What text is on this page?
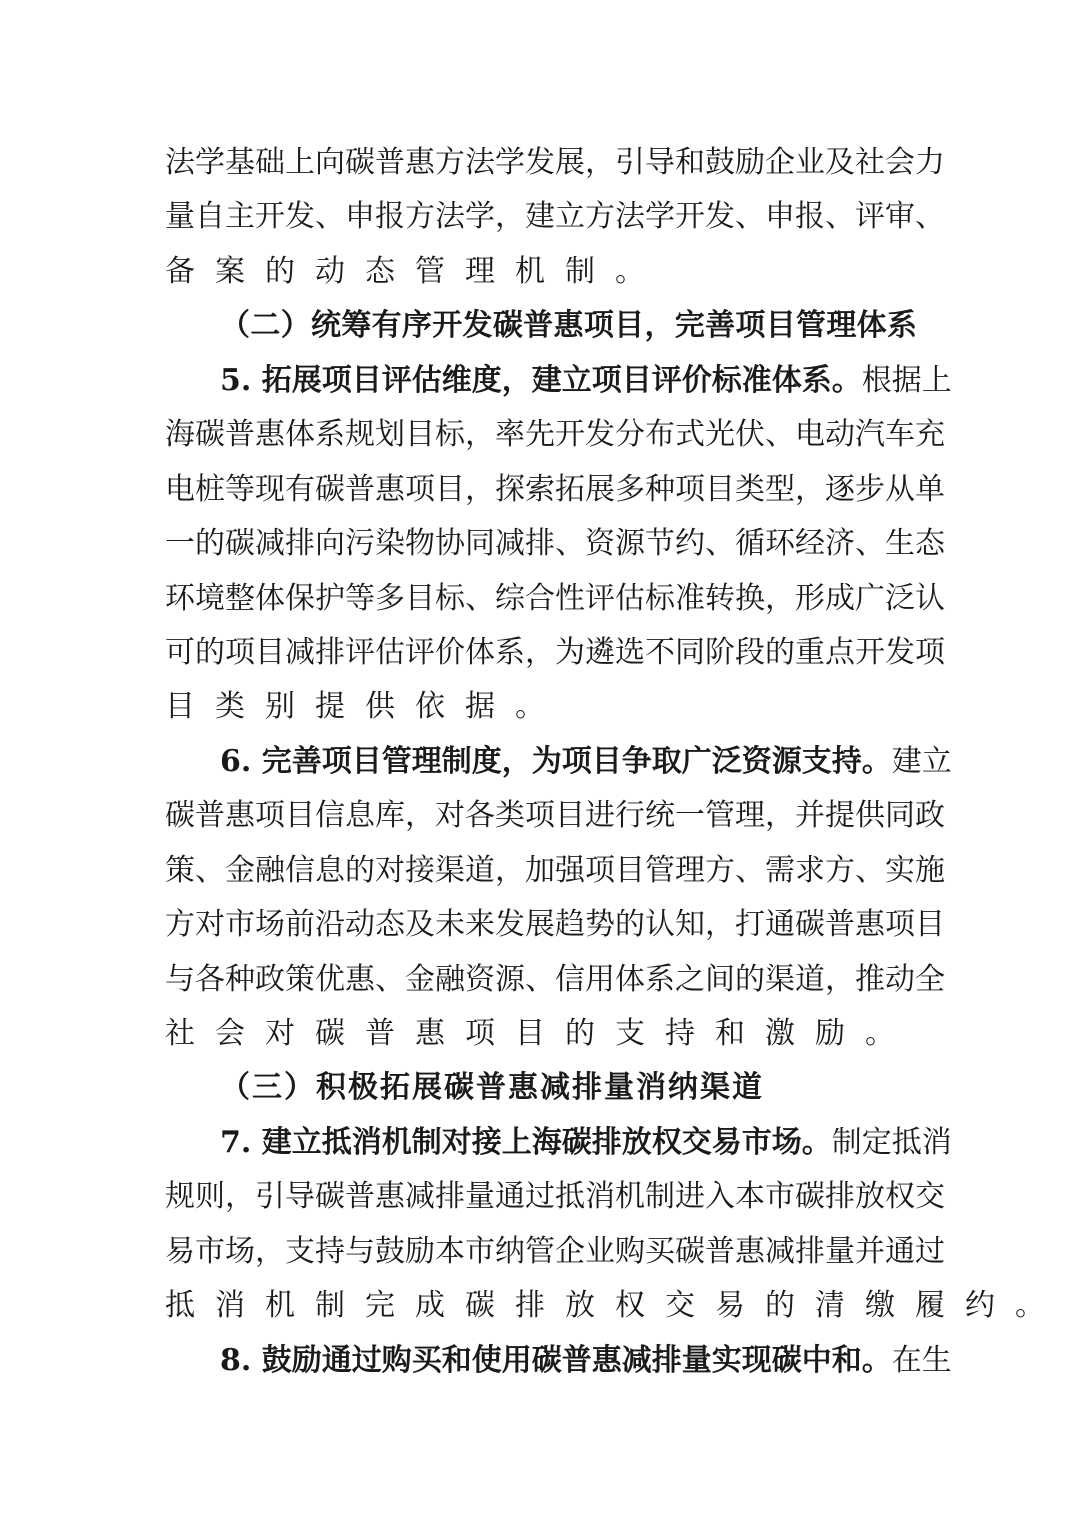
法学基础上向碳普惠方法学发展，引导和鼓励企业及社会力
量自主开发、申报方法学，建立方法学开发、申报、评审、
备案的动态管理机制。
（二）统筹有序开发碳普惠项目，完善项目管理体系
5. 拓展项目评估维度，建立项目评价标准体系。根据上
海碳普惠体系规划目标，率先开发分布式光伏、电动汽车充
电桩等现有碳普惠项目，探索拓展多种项目类型，逐步从单
一的碳减排向污染物协同减排、资源节约、循环经济、生态
环境整体保护等多目标、综合性评估标准转换，形成广泛认
可的项目减排评估评价体系，为遴选不同阶段的重点开发项
目类别提供依据。
6. 完善项目管理制度，为项目争取广泛资源支持。建立
碳普惠项目信息库，对各类项目进行统一管理，并提供同政
策、金融信息的对接渠道，加强项目管理方、需求方、实施
方对市场前沿动态及未来发展趋势的认知，打通碳普惠项目
与各种政策优惠、金融资源、信用体系之间的渠道，推动全
社会对碳普惠项目的支持和激励。
（三）积极拓展碳普惠减排量消纳渠道
7. 建立抵消机制对接上海碳排放权交易市场。制定抵消
规则，引导碳普惠减排量通过抵消机制进入本市碳排放权交
易市场，支持与鼓励本市纳管企业购买碳普惠减排量并通过
抵消机制完成碳排放权交易的清缴履约。
8. 鼓励通过购买和使用碳普惠减排量实现碳中和。在生
